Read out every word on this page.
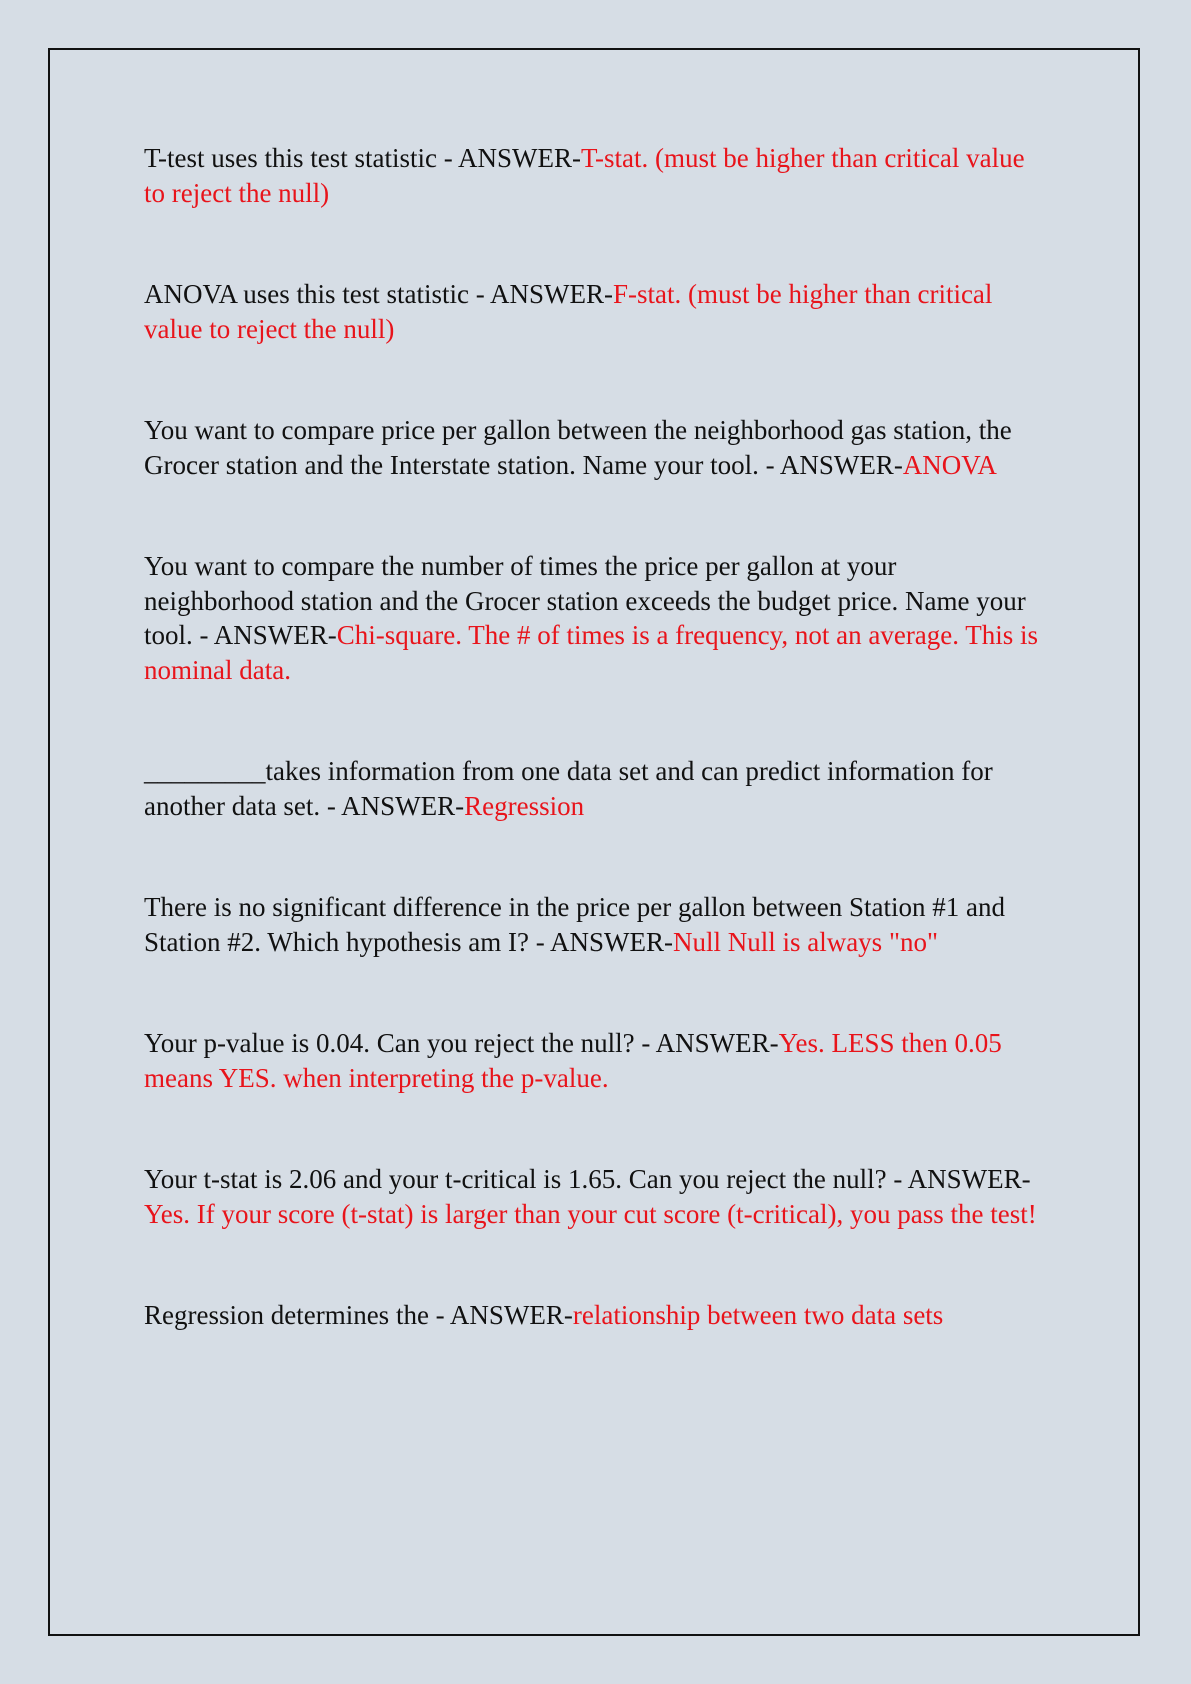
T-test uses this test statistic - ANSWER-T-stat. (must be higher than critical value to reject the null)

ANOVA uses this test statistic - ANSWER-F-stat. (must be higher than critical value to reject the null)

You want to compare price per gallon between the neighborhood gas station, the Grocer station and the Interstate station. Name your tool. - ANSWER-ANOVA

You want to compare the number of times the price per gallon at your neighborhood station and the Grocer station exceeds the budget price. Name your tool. - ANSWER-Chi-square. The # of times is a frequency, not an average. This is nominal data.

_________takes information from one data set and can predict information for another data set. - ANSWER-Regression

There is no significant difference in the price per gallon between Station #1 and Station #2. Which hypothesis am I? - ANSWER-Null Null is always "no"

Your p-value is 0.04. Can you reject the null? - ANSWER-Yes. LESS then 0.05 means YES. when interpreting the p-value.

Your t-stat is 2.06 and your t-critical is 1.65. Can you reject the null? - ANSWER-Yes. If your score (t-stat) is larger than your cut score (t-critical), you pass the test!

Regression determines the - ANSWER-relationship between two data sets
